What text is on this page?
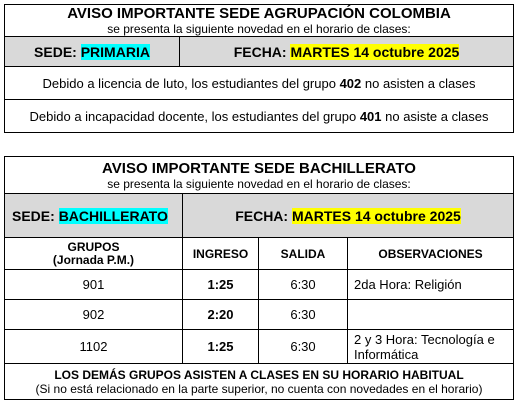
AVISO IMPORTANTE SEDE AGRUPACIÓN COLOMBIA
se presenta la siguiente novedad en el horario de clases:

SEDE: PRIMARIA	FECHA: MARTES 14 octubre 2025
Debido a licencia de luto, los estudiantes del grupo 402 no asisten a clases
Debido a incapacidad docente, los estudiantes del grupo 401 no asiste a clases
AVISO IMPORTANTE SEDE BACHILLERATO
se presenta la siguiente novedad en el horario de clases:			

SEDE: BACHILLERATO	FECHA: MARTES 14 octubre 2025		

GRUPOS
(Jornada P.M.)	INGRESO	SALIDA	OBSERVACIONES
901	1:25	6:30	2da Hora: Religión
902	2:20	6:30	
1102	1:25	6:30	2 y 3 Hora: Tecnología e Informática

LOS DEMÁS GRUPOS ASISTEN A CLASES EN SU HORARIO HABITUAL
(Si no está relacionado en la parte superior, no cuenta con novedades en el horario)			
